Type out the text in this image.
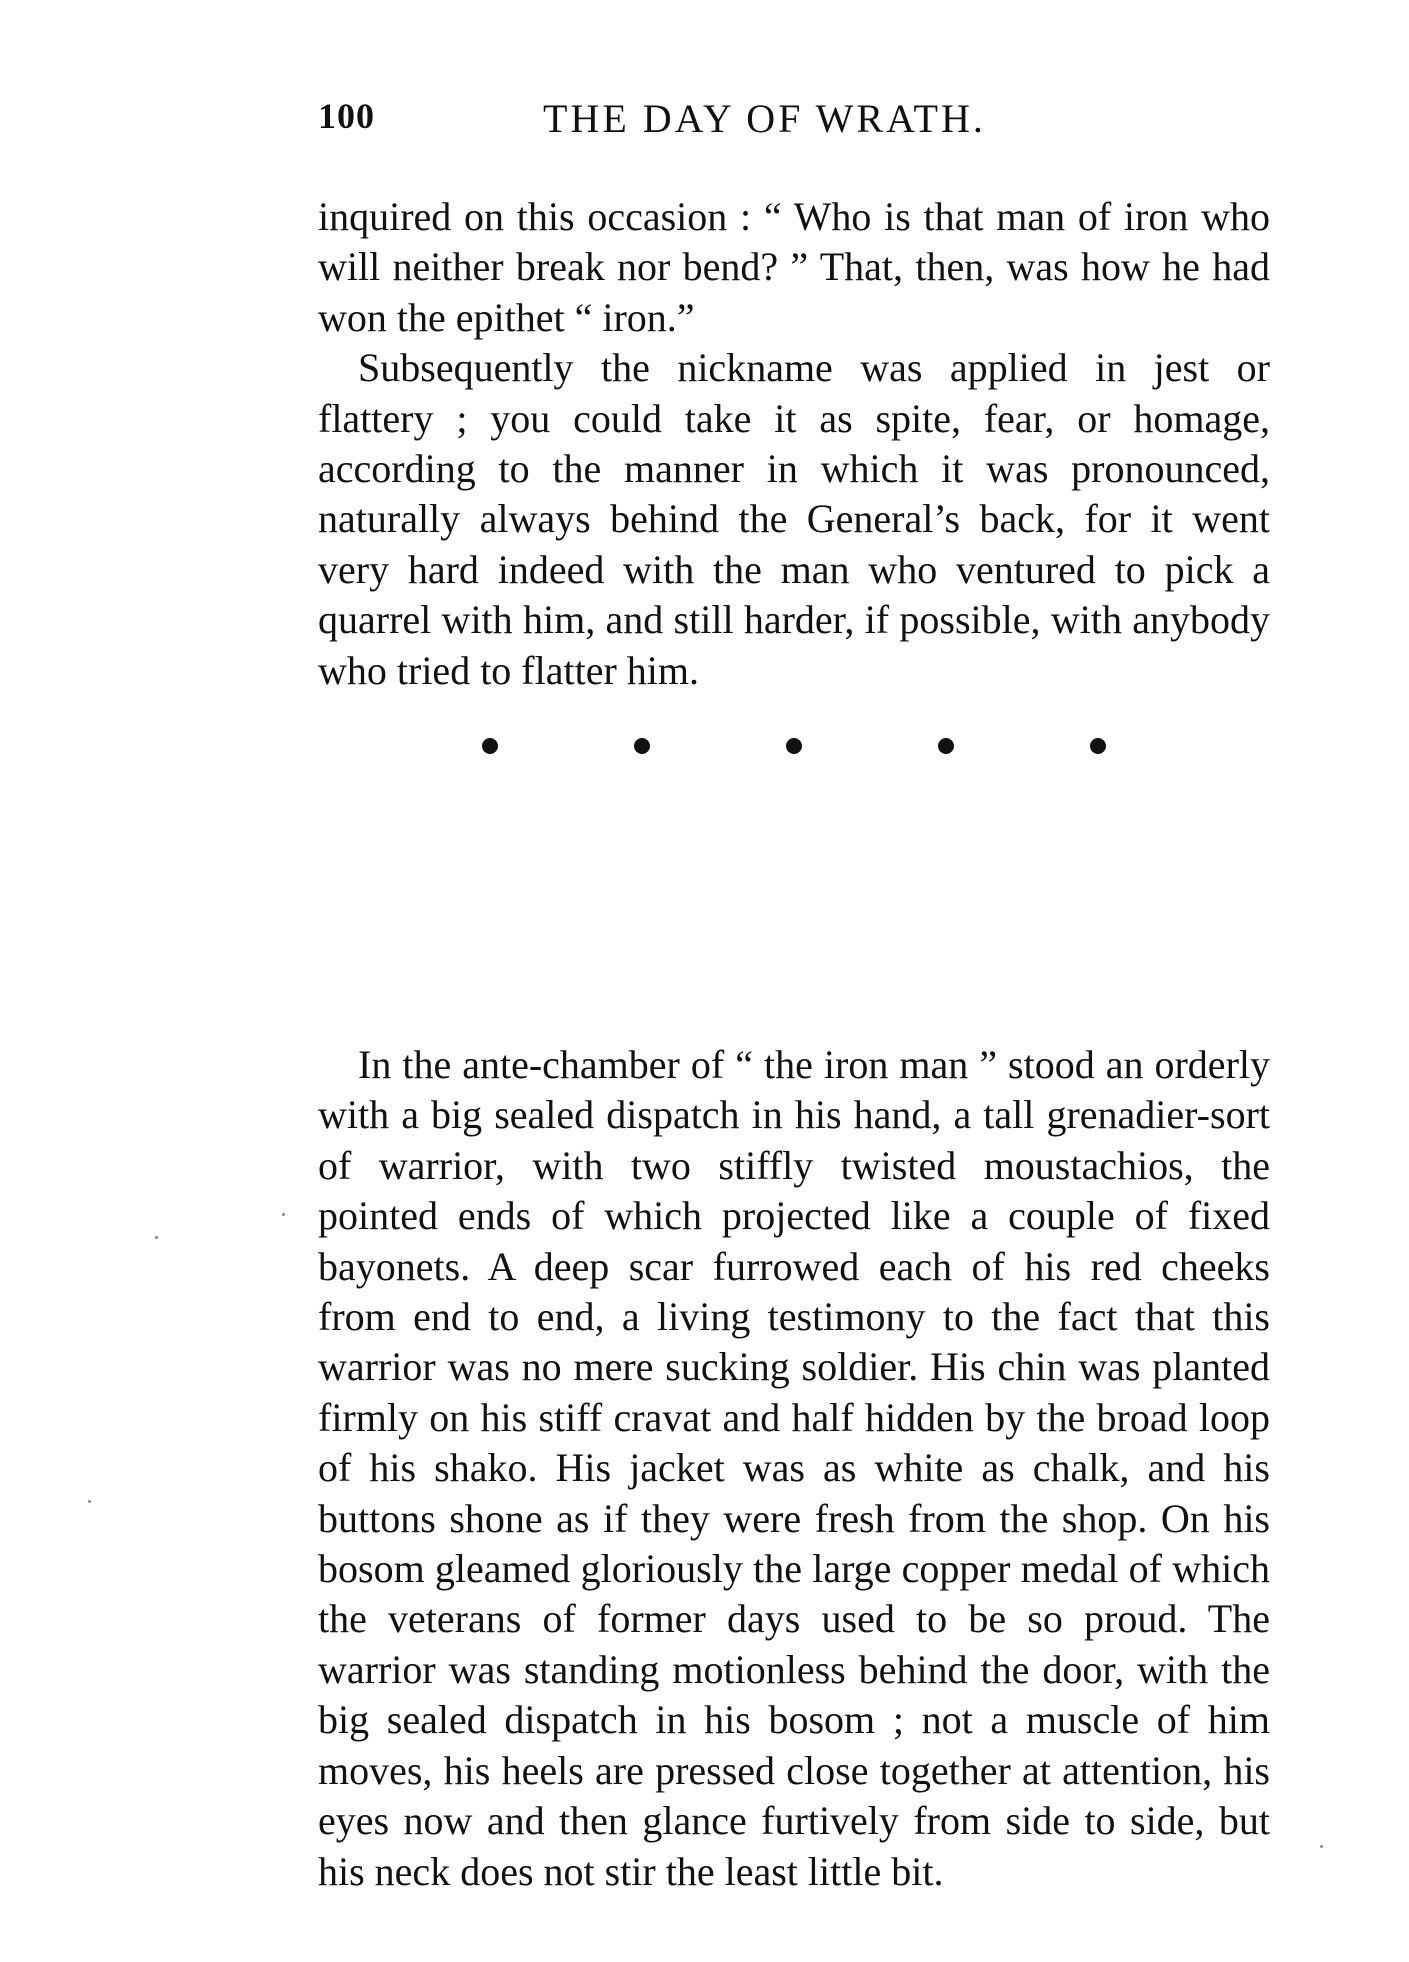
100	THE DAY OF WRATH.

inquired on this occasion : “ Who is that man of iron who will neither break nor bend? ” That, then, was how he had won the epithet “ iron.”

Subsequently the nickname was applied in jest or flattery ; you could take it as spite, fear, or homage, according to the manner in which it was pronounced, naturally always behind the General’s back, for it went very hard indeed with the man who ventured to pick a quarrel with him, and still harder, if possible, with anybody who tried to flatter him.

In the ante-chamber of “ the iron man ” stood an orderly with a big sealed dispatch in his hand, a tall grenadier-sort of warrior, with two stiffly twisted moustachios, the pointed ends of which projected like a couple of fixed bayonets. A deep scar furrowed each of his red cheeks from end to end, a living testimony to the fact that this warrior was no mere sucking soldier. His chin was planted firmly on his stiff cravat and half hidden by the broad loop of his shako. His jacket was as white as chalk, and his buttons shone as if they were fresh from the shop. On his bosom gleamed gloriously the large copper medal of which the veterans of former days used to be so proud. The warrior was standing motionless behind the door, with the big sealed dispatch in his bosom ; not a muscle of him moves, his heels are pressed close together at attention, his eyes now and then glance furtively from side to side, but his neck does not stir the least little bit.
